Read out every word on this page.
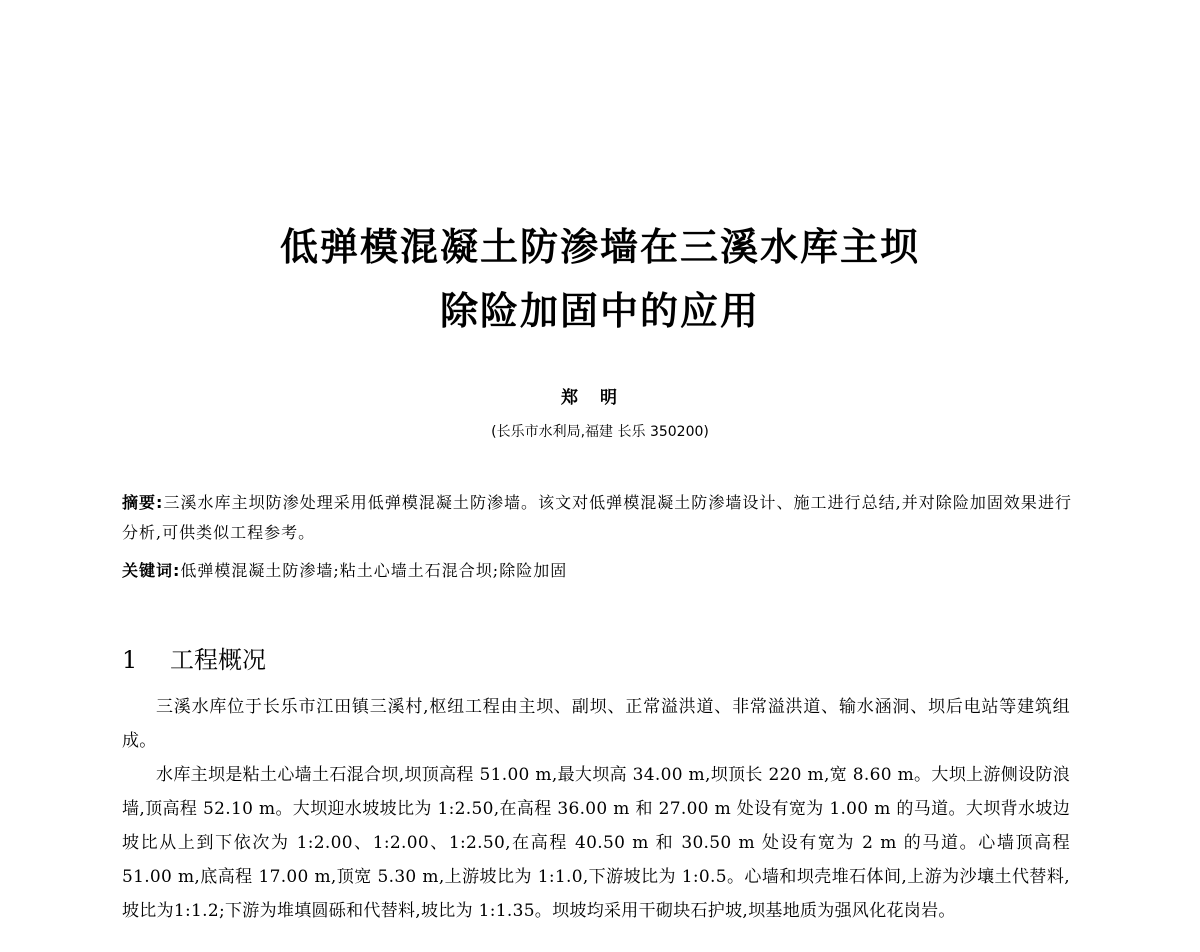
低弹模混凝土防渗墙在三溪水库主坝
除险加固中的应用
郑明
(长乐市水利局,福建 长乐 350200)
摘要:三溪水库主坝防渗处理采用低弹模混凝土防渗墙。该文对低弹模混凝土防渗墙设计、施工进行总结,并对除险加固效果进行分析,可供类似工程参考。
关键词:低弹模混凝土防渗墙;粘土心墙土石混合坝;除险加固
1 工程概况

三溪水库位于长乐市江田镇三溪村,枢纽工程由主坝、副坝、正常溢洪道、非常溢洪道、输水涵洞、坝后电站等建筑组成。

水库主坝是粘土心墙土石混合坝,坝顶高程 51.00 m,最大坝高 34.00 m,坝顶长 220 m,宽 8.60 m。大坝上游侧设防浪墙,顶高程 52.10 m。大坝迎水坡坡比为 1:2.50,在高程 36.00 m 和 27.00 m 处设有宽为 1.00 m 的马道。大坝背水坡边坡比从上到下依次为 1:2.00、1:2.00、1:2.50,在高程 40.50 m 和 30.50 m 处设有宽为 2 m 的马道。心墙顶高程 51.00 m,底高程 17.00 m,顶宽 5.30 m,上游坡比为 1:1.0,下游坡比为 1:0.5。心墙和坝壳堆石体间,上游为沙壤土代替料,坡比为1:1.2;下游为堆填圆砾和代替料,坡比为 1:1.35。坝坡均采用干砌块石护坡,坝基地质为强风化花岗岩。
